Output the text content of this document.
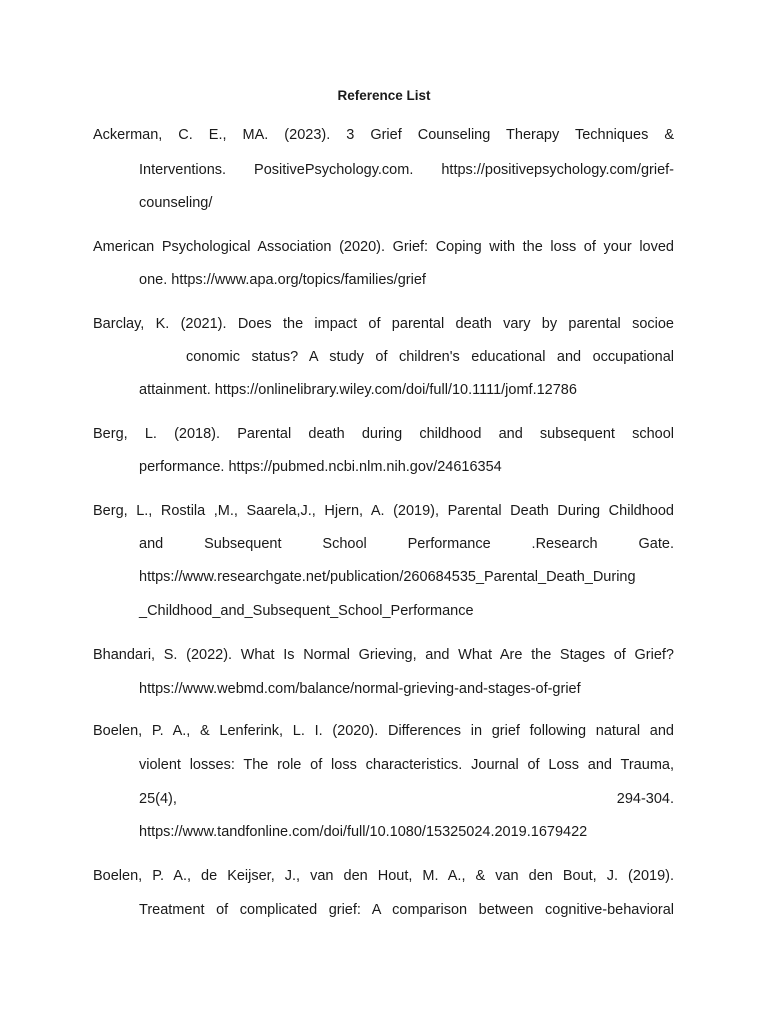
Reference List
Ackerman, C. E., MA. (2023). 3 Grief Counseling Therapy Techniques &
Interventions. PositivePsychology.com. https://positivepsychology.com/grief-
counseling/
American Psychological Association (2020). Grief: Coping with the loss of your loved
one. https://www.apa.org/topics/families/grief
Barclay, K. (2021). Does the impact of parental death vary by parental socioe
conomic status? A study of children's educational and occupational
attainment. https://onlinelibrary.wiley.com/doi/full/10.1111/jomf.12786
Berg, L. (2018). Parental death during childhood and subsequent school
performance. https://pubmed.ncbi.nlm.nih.gov/24616354
Berg, L., Rostila ,M., Saarela,J., Hjern, A. (2019), Parental Death During Childhood
and Subsequent School Performance .Research Gate.
https://www.researchgate.net/publication/260684535_Parental_Death_During
_Childhood_and_Subsequent_School_Performance
Bhandari, S. (2022). What Is Normal Grieving, and What Are the Stages of Grief?
https://www.webmd.com/balance/normal-grieving-and-stages-of-grief
Boelen, P. A., & Lenferink, L. I. (2020). Differences in grief following natural and
violent losses: The role of loss characteristics. Journal of Loss and Trauma,
25(4), 294-304.
https://www.tandfonline.com/doi/full/10.1080/15325024.2019.1679422
Boelen, P. A., de Keijser, J., van den Hout, M. A., & van den Bout, J. (2019).
Treatment of complicated grief: A comparison between cognitive-behavioral
